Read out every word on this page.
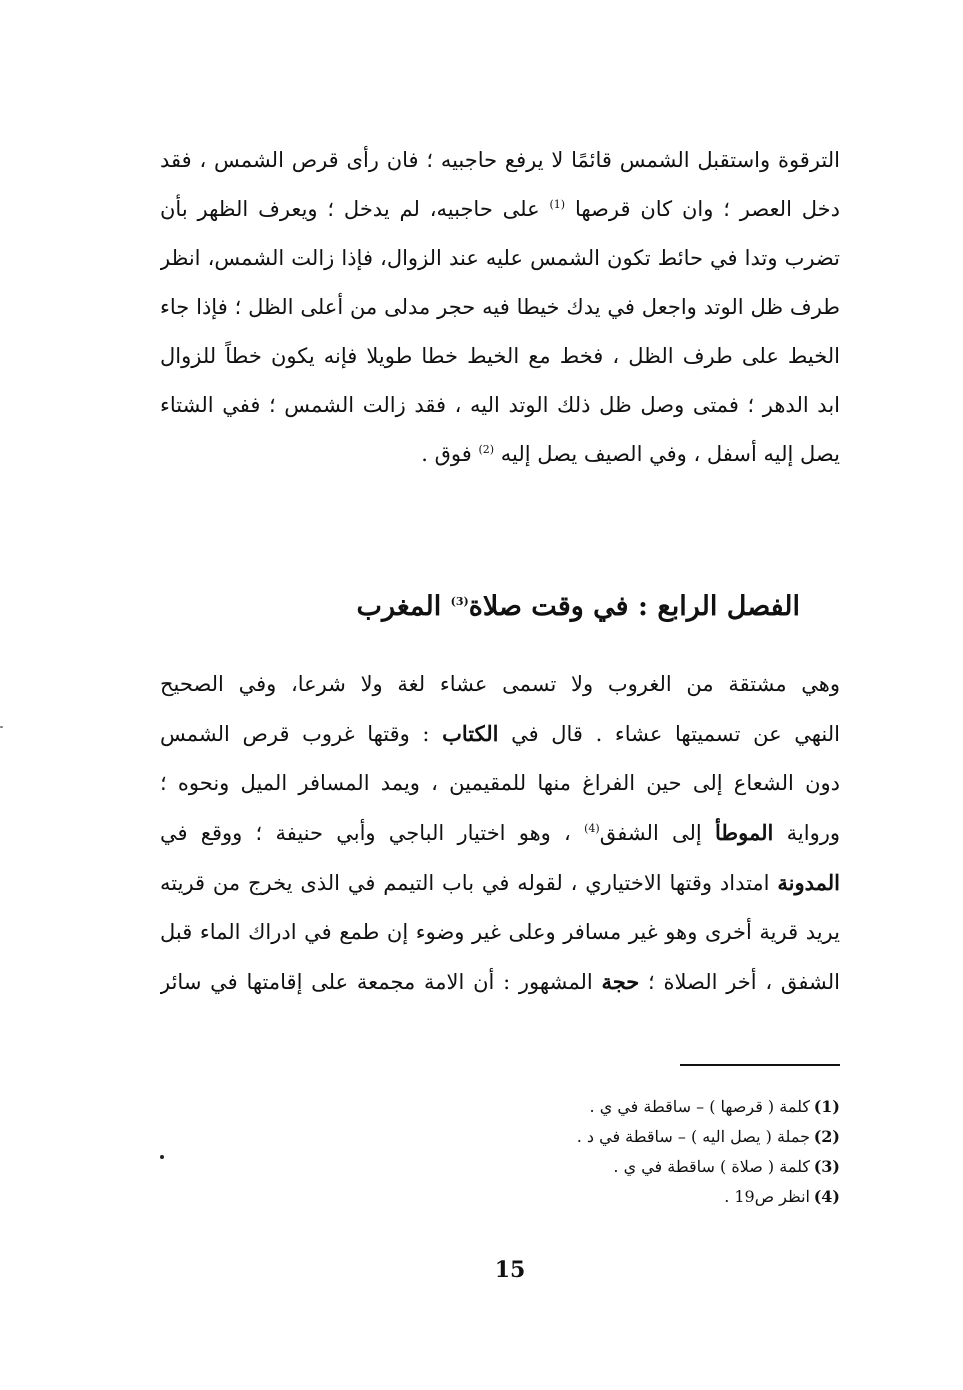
الترقوة واستقبل الشمس قائمًا لا يرفع حاجبيه ؛ فان رأى قرص الشمس ، فقد
دخل العصر ؛ وان كان قرصها $^{(1)}$ على حاجبيه، لم يدخل ؛ ويعرف الظهر بأن
تضرب وتدا في حائط تكون الشمس عليه عند الزوال، فإذا زالت الشمس، انظر
طرف ظل الوتد واجعل في يدك خيطا فيه حجر مدلى من أعلى الظل ؛ فإذا جاء
الخيط على طرف الظل ، فخط مع الخيط خطا طويلا فإنه يكون خطاً للزوال
ابد الدهر ؛ فمتى وصل ظل ذلك الوتد اليه ، فقد زالت الشمس ؛ ففي الشتاء
يصل إليه أسفل ، وفي الصيف يصل إليه $^{(2)}$ فوق .
الفصل الرابع : في وقت صلاة$^{(3)}$ المغرب
وهي مشتقة من الغروب ولا تسمى عشاء لغة ولا شرعا، وفي الصحيح
النهي عن تسميتها عشاء . قال في الكتاب : وقتها غروب قرص الشمس
دون الشعاع إلى حين الفراغ منها للمقيمين ، ويمد المسافر الميل ونحوه ؛
ورواية الموطأ إلى الشفق$^{(4)}$ ، وهو اختيار الباجي وأبي حنيفة ؛ ووقع في
المدونة امتداد وقتها الاختياري ، لقوله في باب التيمم في الذى يخرج من قريته
يريد قرية أخرى وهو غير مسافر وعلى غير وضوء إن طمع في ادراك الماء قبل
الشفق ، أخر الصلاة ؛ حجة المشهور : أن الامة مجمعة على إقامتها في سائر
(1)كلمة ( قرصها ) – ساقطة في ي .
(2)جملة ( يصل اليه ) – ساقطة في د .
(3)كلمة ( صلاة ) ساقطة في ي .
(4)انظر ص19 .
15
